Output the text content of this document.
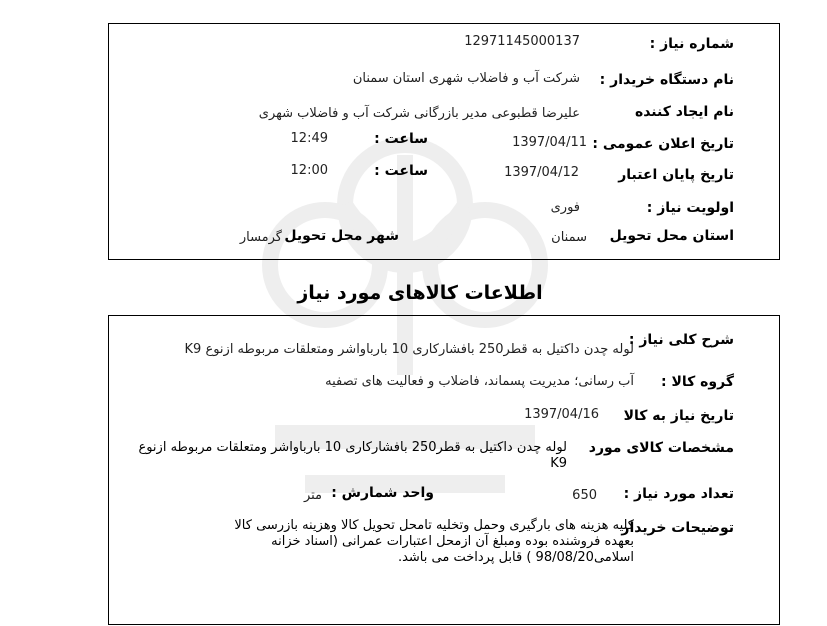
شماره نیاز :
12971145000137
نام دستگاه خریدار :
شرکت آب و فاضلاب شهری استان سمنان
نام ایجاد کننده
علیرضا قطبوعی مدیر بازرگانی شرکت آب و فاضلاب شهری
تاریخ اعلان عمومی :
1397/04/11
ساعت :
12:49
تاریخ پایان اعتبار
1397/04/12
ساعت :
12:00
اولویت نیاز :
فوری
استان محل تحویل
سمنان
شهر محل تحویل
گرمسار
اطلاعات کالاهای مورد نیاز
شرح کلی نیاز :
لوله چدن داکتیل به قطر250 بافشارکاری 10 بارباواشر ومتعلقات مربوطه ازنوع K9
گروه کالا :
آب رسانی؛ مدیریت پسماند، فاضلاب و فعالیت های تصفیه
تاریخ نیاز به کالا
1397/04/16
مشخصات کالای مورد
لوله چدن داکتیل به قطر250 بافشارکاری 10 بارباواشر ومتعلقات مربوطه ازنوع K9
تعداد مورد نیاز :
650
واحد شمارش :
متر
توضیحات خریدار
کلیه هزینه های بارگیری وحمل وتخلیه تامحل تحویل کالا وهزینه بازرسی کالا بعهده فروشنده بوده ومبلغ آن ازمحل اعتبارات عمرانی (اسناد خزانه اسلامی98/08/20 ) قابل پرداخت می باشد.
